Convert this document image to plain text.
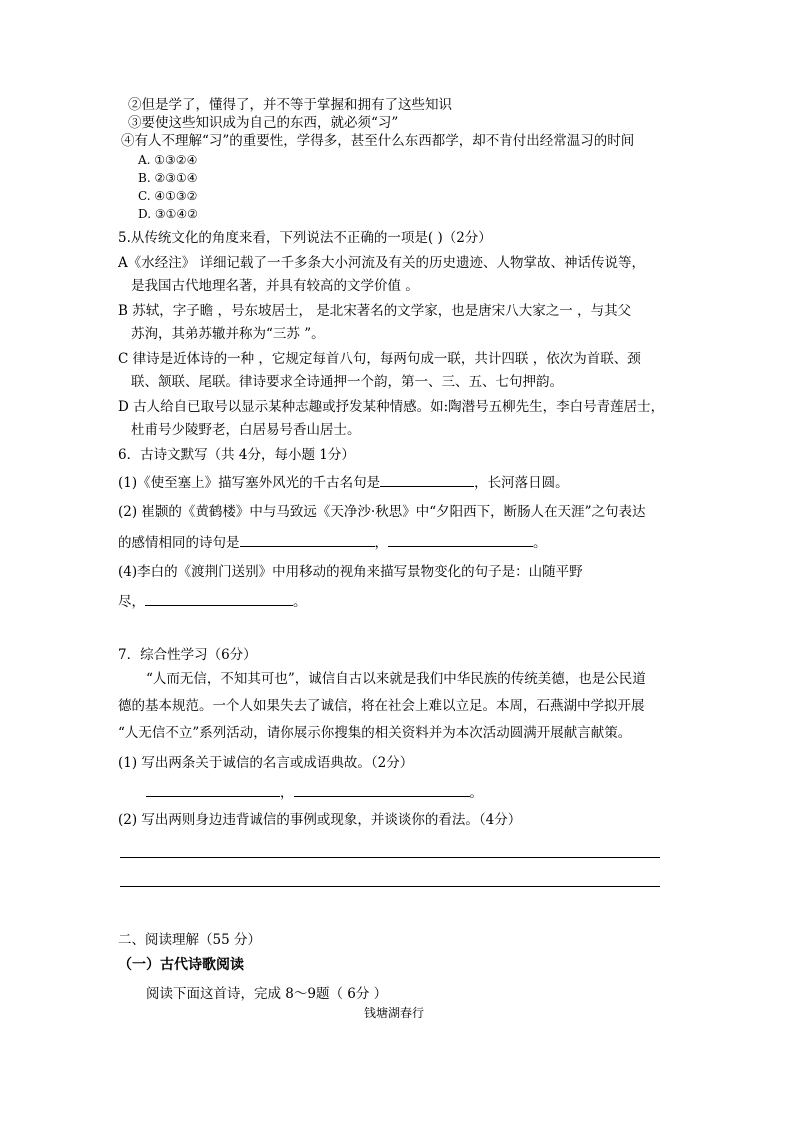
②但是学了，懂得了，并不等于掌握和拥有了这些知识
③要使这些知识成为自己的东西，就必须“习”
④有人不理解“习”的重要性，学得多，甚至什么东西都学，却不肯付出经常温习的时间
A. ①③②④
B. ②③①④
C. ④①③②
D. ③①④②
5.从传统文化的角度来看，下列说法不正确的一项是( )（2分）
A《水经注》 详细记载了一千多条大小河流及有关的历史遗迹、人物掌故、神话传说等，
是我国古代地理名著，并具有较高的文学价值 。
B 苏轼，字子瞻 ，号东坡居士， 是北宋著名的文学家，也是唐宋八大家之一 ，与其父
苏洵，其弟苏辙并称为“三苏 ”。
C 律诗是近体诗的一种 ，它规定每首八句，每两句成一联，共计四联 ，依次为首联、颈
联、颔联、尾联。律诗要求全诗通押一个韵，第一、三、五、七句押韵。
D 古人给自已取号以显示某种志趣或抒发某种情感。如:陶潜号五柳先生，李白号青莲居士，
杜甫号少陵野老，白居易号香山居士。
6．古诗文默写（共 4分，每小题 1分）
(1)《使至塞上》描写塞外风光的千古名句是	，长河落日圆。
(2) 崔颢的《黄鹤楼》中与马致远《天净沙·秋思》中“夕阳西下，断肠人在天涯”之句表达
的感情相同的诗句是	，	。
(4)李白的《渡荆门送别》中用移动的视角来描写景物变化的句子是：山随平野
尽，	。
7．综合性学习（6分）
“人而无信，不知其可也”，诚信自古以来就是我们中华民族的传统美德，也是公民道
德的基本规范。一个人如果失去了诚信，将在社会上难以立足。本周，石燕湖中学拟开展
“人无信不立”系列活动，请你展示你搜集的相关资料并为本次活动圆满开展献言献策。
(1) 写出两条关于诚信的名言或成语典故。（2分）
，	。
(2) 写出两则身边违背诚信的事例或现象，并谈谈你的看法。（4分）
二、阅读理解（55 分）
（一）古代诗歌阅读
阅读下面这首诗，完成 8～9题（ 6分 ）
钱塘湖春行
